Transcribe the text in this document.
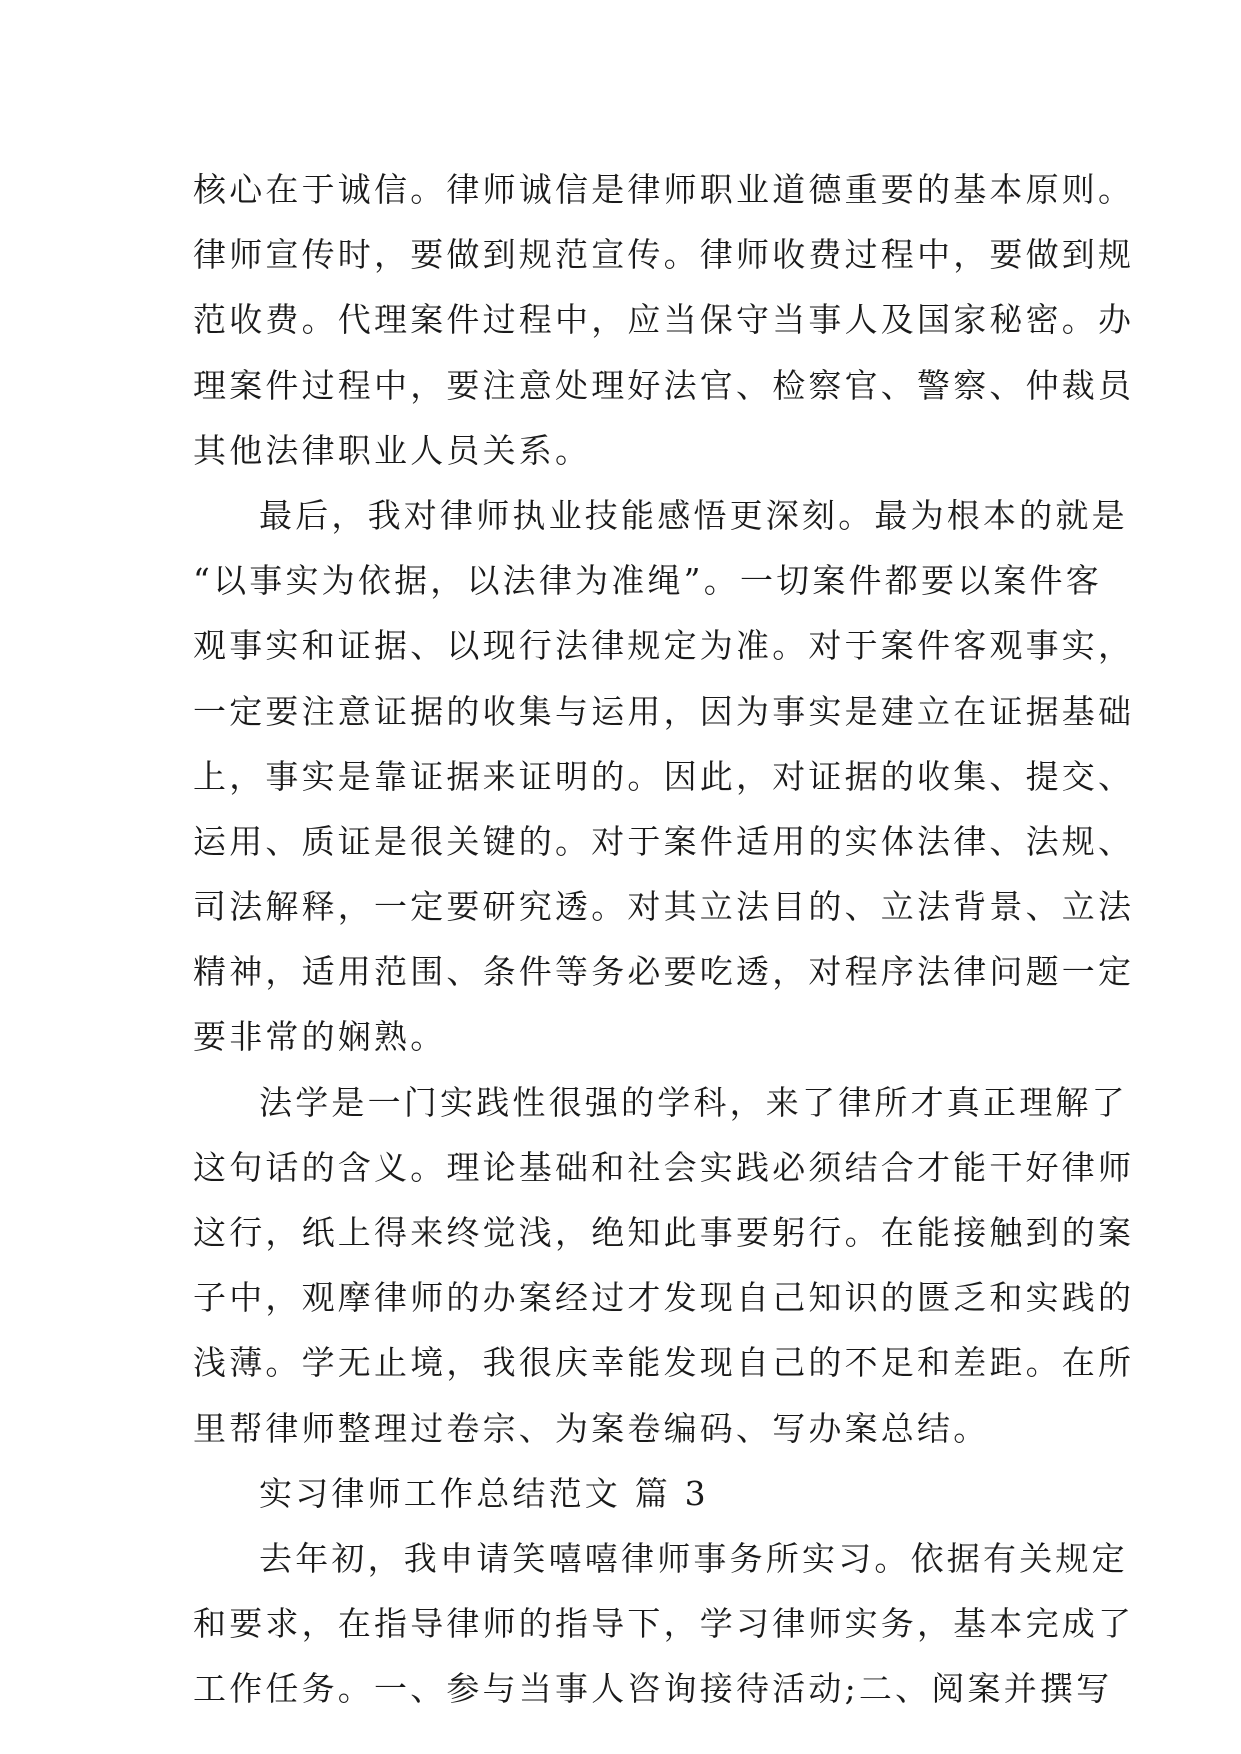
核心在于诚信。律师诚信是律师职业道德重要的基本原则。
律师宣传时，要做到规范宣传。律师收费过程中，要做到规
范收费。代理案件过程中，应当保守当事人及国家秘密。办
理案件过程中，要注意处理好法官、检察官、警察、仲裁员
其他法律职业人员关系。
最后，我对律师执业技能感悟更深刻。最为根本的就是
“以事实为依据，以法律为准绳”。一切案件都要以案件客
观事实和证据、以现行法律规定为准。对于案件客观事实，
一定要注意证据的收集与运用，因为事实是建立在证据基础
上，事实是靠证据来证明的。因此，对证据的收集、提交、
运用、质证是很关键的。对于案件适用的实体法律、法规、
司法解释，一定要研究透。对其立法目的、立法背景、立法
精神，适用范围、条件等务必要吃透，对程序法律问题一定
要非常的娴熟。
法学是一门实践性很强的学科，来了律所才真正理解了
这句话的含义。理论基础和社会实践必须结合才能干好律师
这行，纸上得来终觉浅，绝知此事要躬行。在能接触到的案
子中，观摩律师的办案经过才发现自己知识的匮乏和实践的
浅薄。学无止境，我很庆幸能发现自己的不足和差距。在所
里帮律师整理过卷宗、为案卷编码、写办案总结。
实习律师工作总结范文 篇 3
去年初，我申请笑嘻嘻律师事务所实习。依据有关规定
和要求，在指导律师的指导下，学习律师实务，基本完成了
工作任务。一、参与当事人咨询接待活动;二、阅案并撰写
